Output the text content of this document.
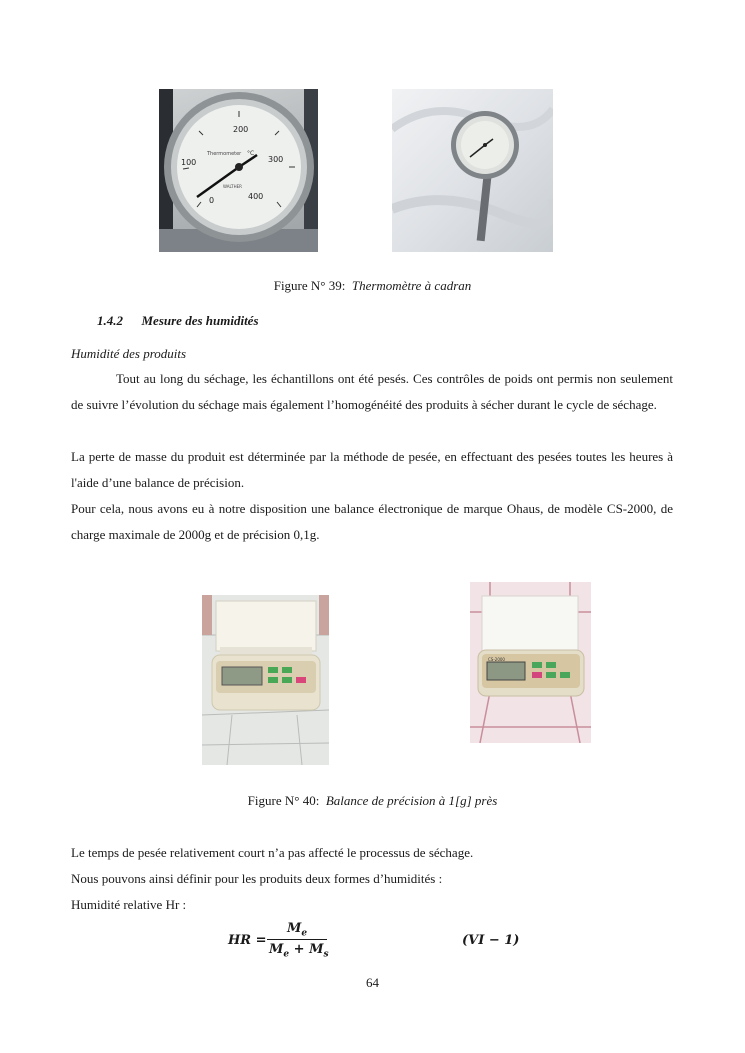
200
100	300
0	400
Thermometer °C
WALTHER
Figure N° 39: Thermomètre à cadran
1.4.2 Mesure des humidités
Humidité des produits
Tout au long du séchage, les échantillons ont été pesés. Ces contrôles de poids ont permis non seulement de suivre l’évolution du séchage mais également l’homogénéité des produits à sécher durant le cycle de séchage.
La perte de masse du produit est déterminée par la méthode de pesée, en effectuant des pesées toutes les heures à l'aide d’une balance de précision.
Pour cela, nous avons eu à notre disposition une balance électronique de marque Ohaus, de modèle CS-2000, de charge maximale de 2000g et de précision 0,1g.
CS-2000
Figure N° 40: Balance de précision à 1[g] près
Le temps de pesée relativement court n’a pas affecté le processus de séchage.
Nous pouvons ainsi définir pour les produits deux formes d’humidités :
Humidité relative Hr :
HR =
$M_e$
$M_e + M_s$
(VI − 1)
64
